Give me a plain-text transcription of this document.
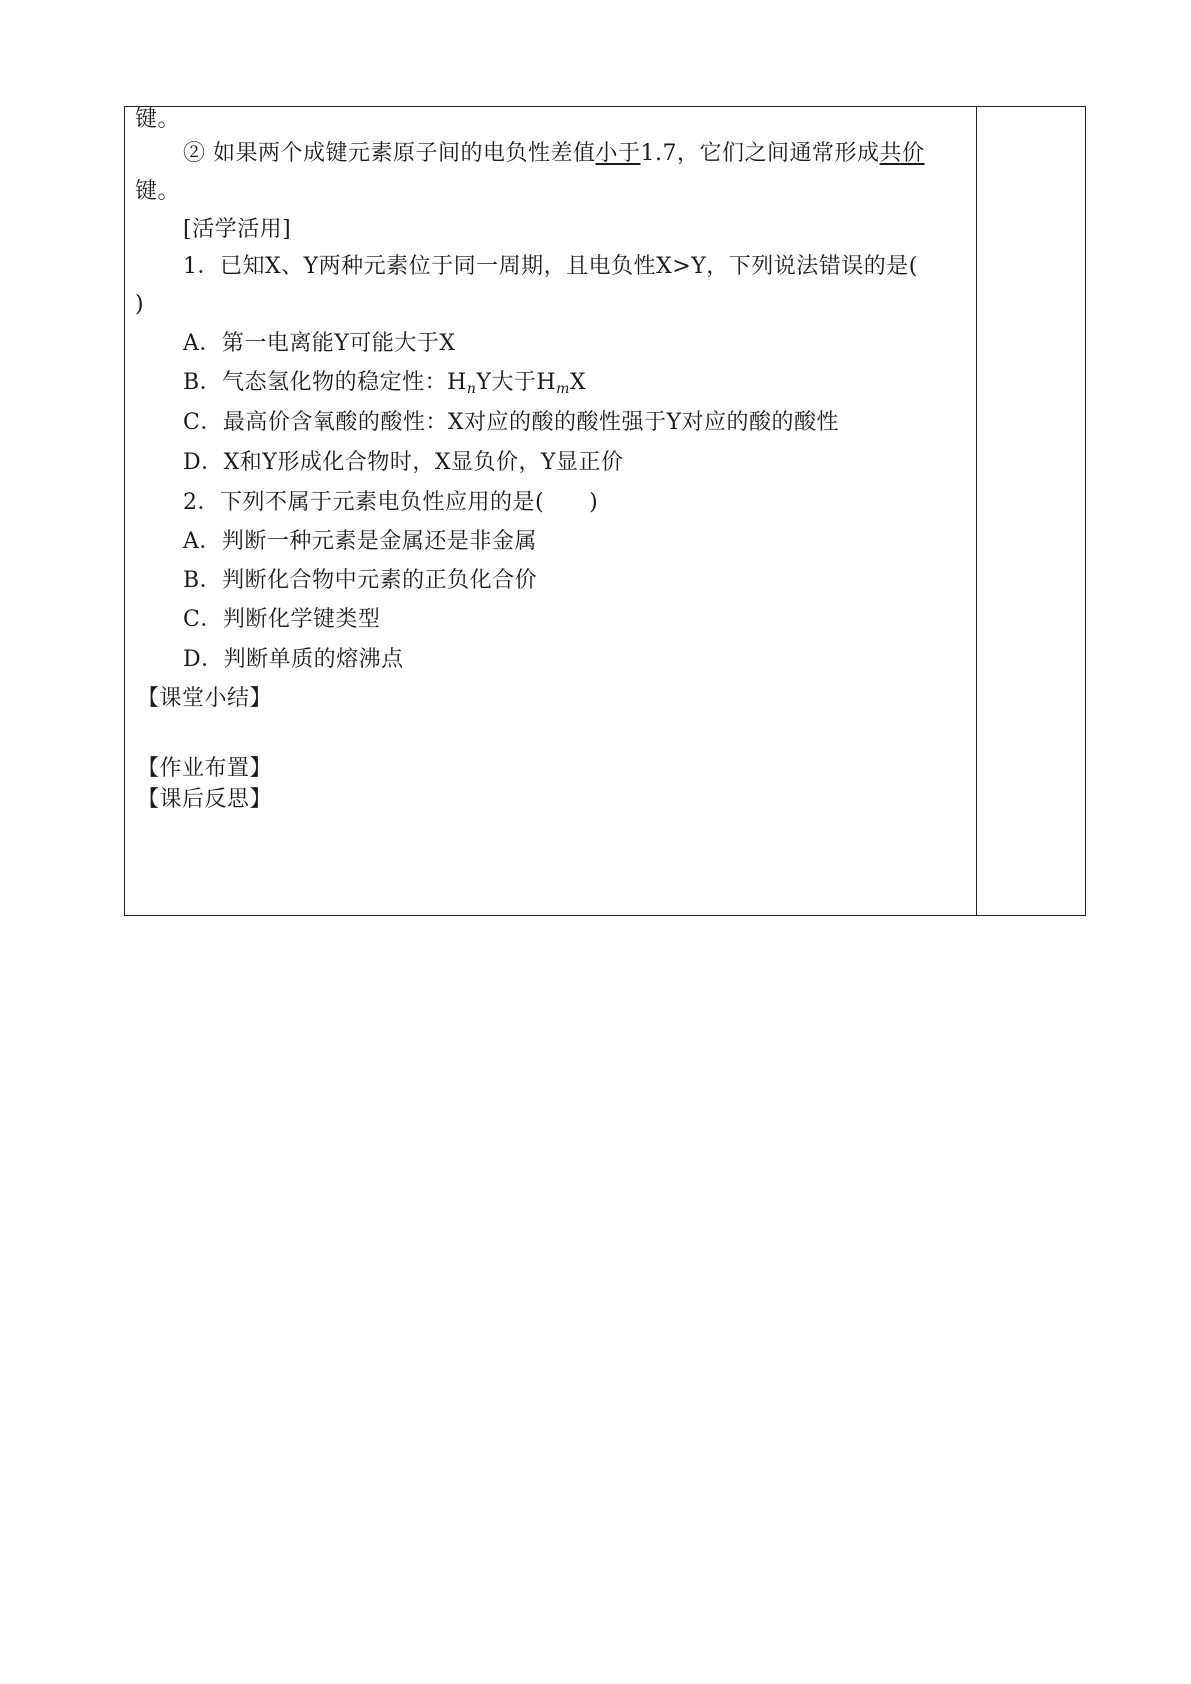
键。
② 如果两个成键元素原子间的电负性差值小于1.7，它们之间通常形成共价
键。
[活学活用]
1．已知X、Y两种元素位于同一周期，且电负性X>Y，下列说法错误的是(
)
A．第一电离能Y可能大于X
B．气态氢化物的稳定性：$H_nY$大于$H_mX$
C．最高价含氧酸的酸性：X对应的酸的酸性强于Y对应的酸的酸性
D．X和Y形成化合物时，X显负价，Y显正价
2．下列不属于元素电负性应用的是(　　)
A．判断一种元素是金属还是非金属
B．判断化合物中元素的正负化合价
C．判断化学键类型
D．判断单质的熔沸点
【课堂小结】
【作业布置】
【课后反思】
